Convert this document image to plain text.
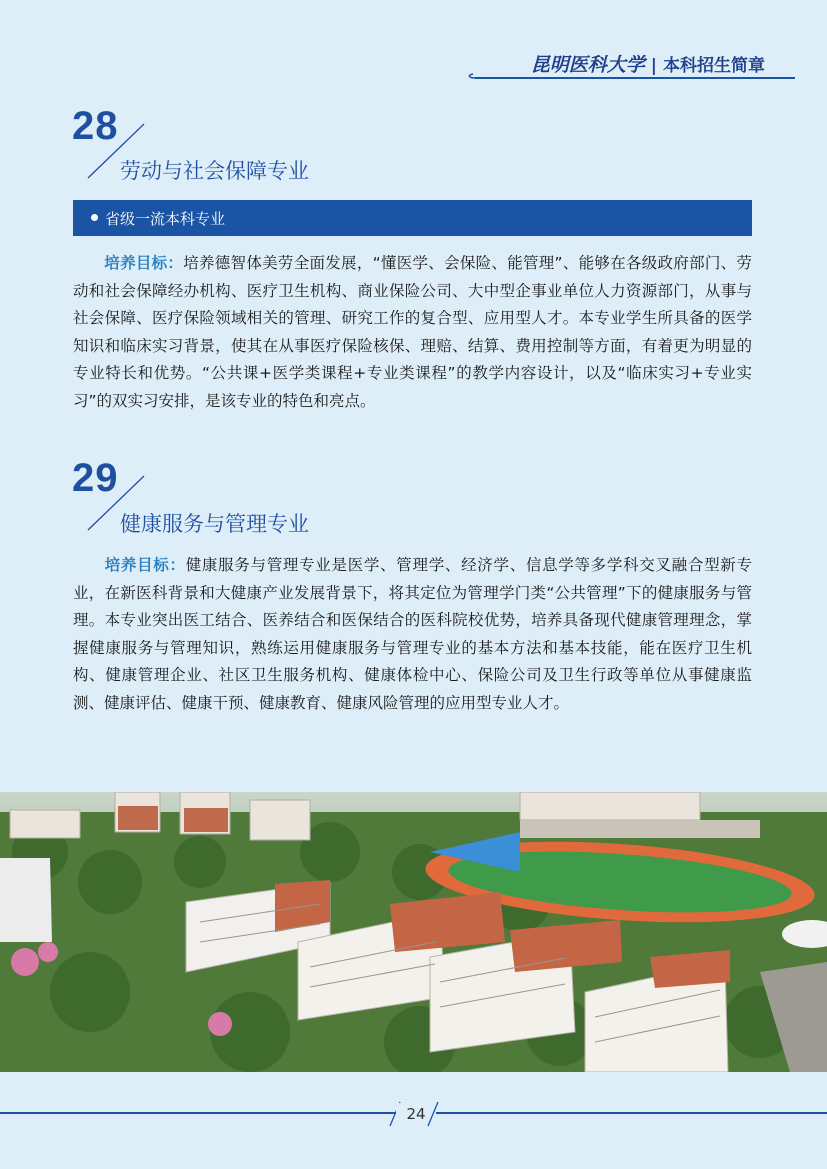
昆明医科大学 | 本科招生简章
28
劳动与社会保障专业
省级一流本科专业

培养目标：培养德智体美劳全面发展，“懂医学、会保险、能管理”、能够在各级政府部门、劳动和社会保障经办机构、医疗卫生机构、商业保险公司、大中型企事业单位人力资源部门，从事与社会保障、医疗保险领域相关的管理、研究工作的复合型、应用型人才。本专业学生所具备的医学知识和临床实习背景，使其在从事医疗保险核保、理赔、结算、费用控制等方面，有着更为明显的专业特长和优势。“公共课+医学类课程+专业类课程”的教学内容设计，以及“临床实习+专业实习”的双实习安排，是该专业的特色和亮点。

29
健康服务与管理专业

培养目标：健康服务与管理专业是医学、管理学、经济学、信息学等多学科交叉融合型新专业，在新医科背景和大健康产业发展背景下，将其定位为管理学门类“公共管理”下的健康服务与管理。本专业突出医工结合、医养结合和医保结合的医科院校优势，培养具备现代健康管理理念，掌握健康服务与管理知识，熟练运用健康服务与管理专业的基本方法和基本技能，能在医疗卫生机构、健康管理企业、社区卫生服务机构、健康体检中心、保险公司及卫生行政等单位从事健康监测、健康评估、健康干预、健康教育、健康风险管理的应用型专业人才。

24
